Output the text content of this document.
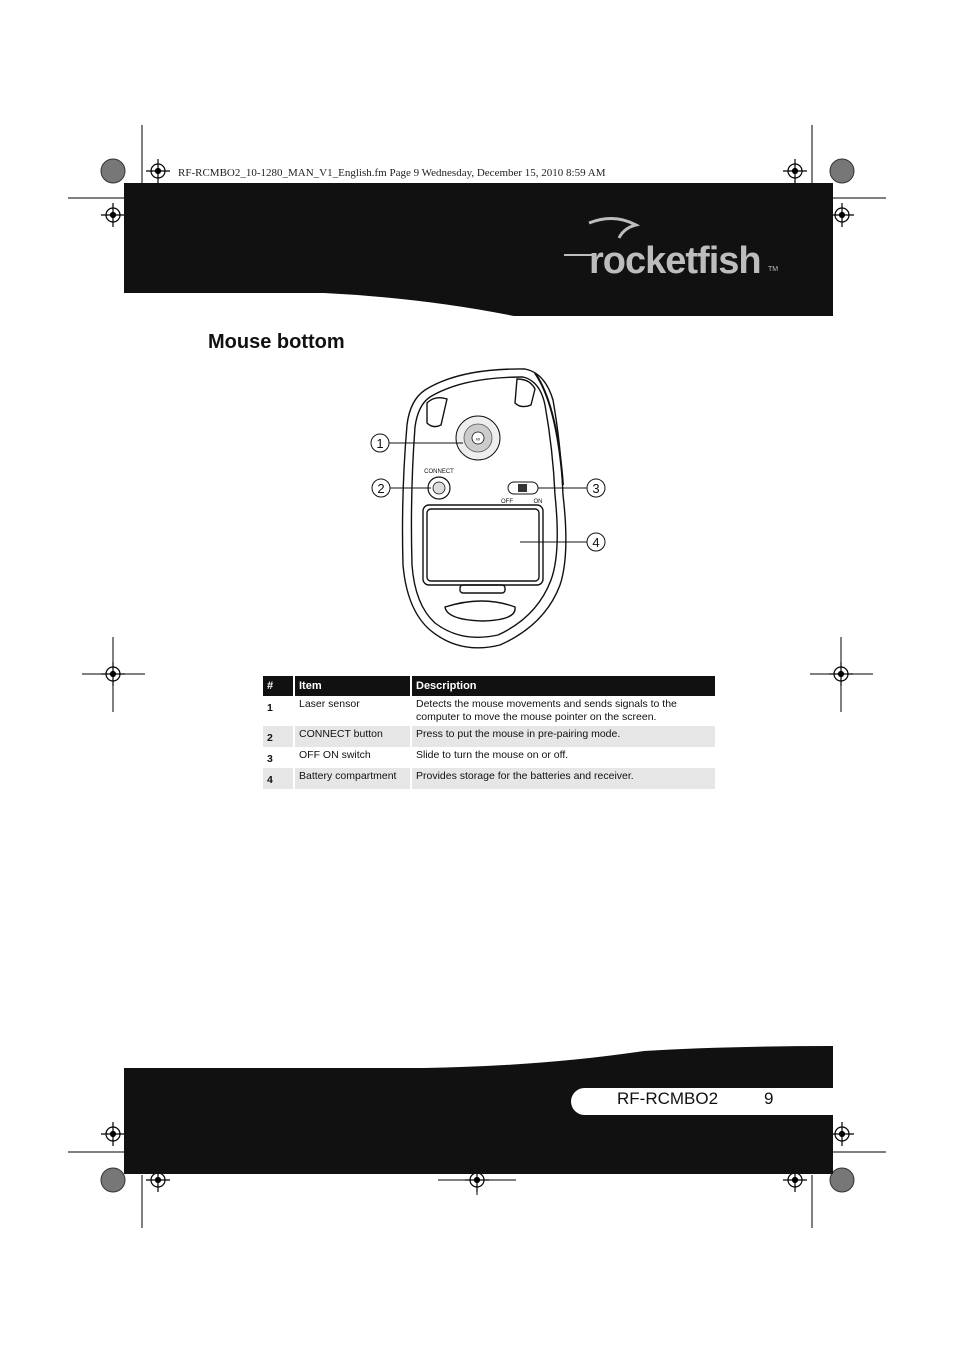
RF-RCMBO2_10-1280_MAN_V1_English.fm Page 9 Wednesday, December 15, 2010 8:59 AM
rocketfish TM
Mouse bottom
∞
CONNECT
OFF	ON
1
2	3
4
#	Item	Description
1	Laser sensor	Detects the mouse movements and sends signals to the computer to move the mouse pointer on the screen.
2	CONNECT button	Press to put the mouse in pre-pairing mode.
3	OFF ON switch	Slide to turn the mouse on or off.
4	Battery compartment	Provides storage for the batteries and receiver.
RF-RCMBO2	9
